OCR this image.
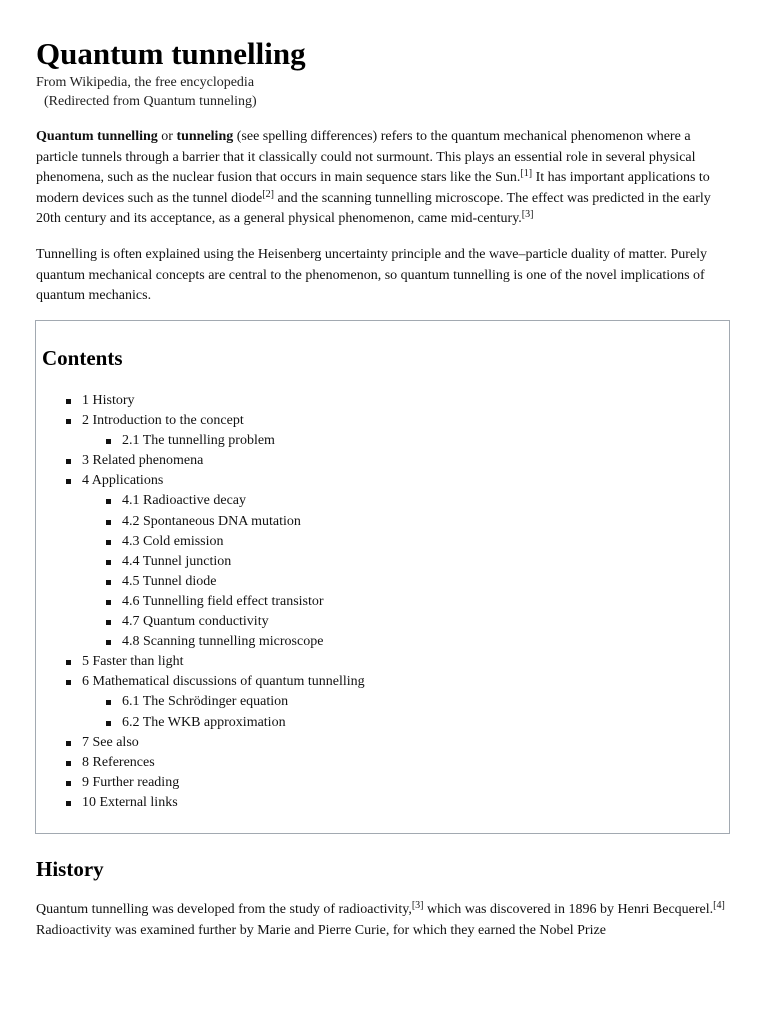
Quantum tunnelling
From Wikipedia, the free encyclopedia
(Redirected from Quantum tunneling)

Quantum tunnelling or tunneling (see spelling differences) refers to the quantum mechanical phenomenon where a particle tunnels through a barrier that it classically could not surmount. This plays an essential role in several physical phenomena, such as the nuclear fusion that occurs in main sequence stars like the Sun.[1] It has important applications to modern devices such as the tunnel diode[2] and the scanning tunnelling microscope. The effect was predicted in the early 20th century and its acceptance, as a general physical phenomenon, came mid-century.[3]

Tunnelling is often explained using the Heisenberg uncertainty principle and the wave–particle duality of matter. Purely quantum mechanical concepts are central to the phenomenon, so quantum tunnelling is one of the novel implications of quantum mechanics.

Contents
1 History
2 Introduction to the concept
2.1 The tunnelling problem
3 Related phenomena
4 Applications
4.1 Radioactive decay
4.2 Spontaneous DNA mutation
4.3 Cold emission
4.4 Tunnel junction
4.5 Tunnel diode
4.6 Tunnelling field effect transistor
4.7 Quantum conductivity
4.8 Scanning tunnelling microscope
5 Faster than light
6 Mathematical discussions of quantum tunnelling
6.1 The Schrödinger equation
6.2 The WKB approximation
7 See also
8 References
9 Further reading
10 External links
History

Quantum tunnelling was developed from the study of radioactivity,[3] which was discovered in 1896 by Henri Becquerel.[4] Radioactivity was examined further by Marie and Pierre Curie, for which they earned the Nobel Prize
